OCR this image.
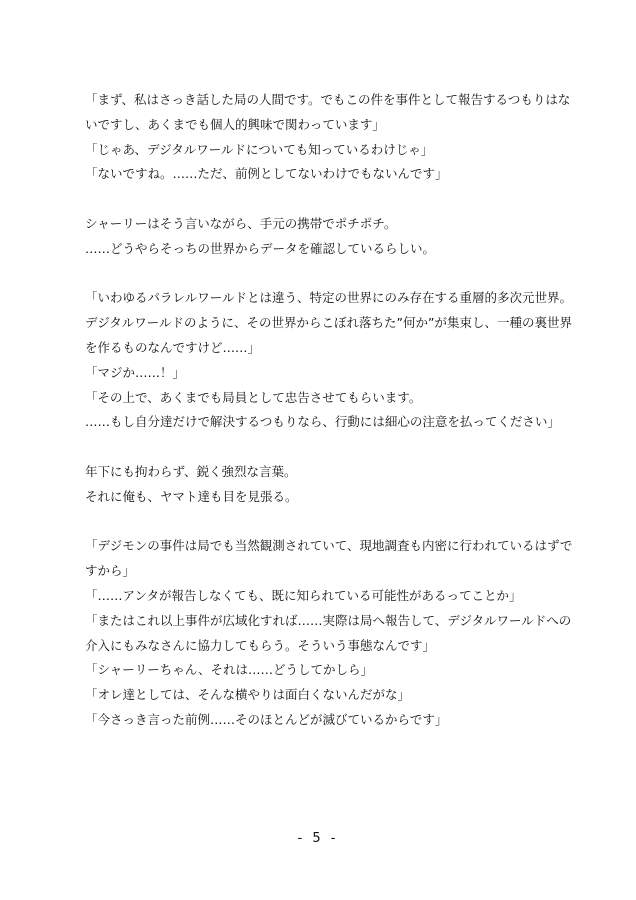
「まず、私はさっき話した局の人間です。でもこの件を事件として報告するつもりはな
いですし、あくまでも個人的興味で関わっています」
「じゃあ、デジタルワールドについても知っているわけじゃ」
「ないですね。……ただ、前例としてないわけでもないんです」
シャーリーはそう言いながら、手元の携帯でポチポチ。
……どうやらそっちの世界からデータを確認しているらしい。
「いわゆるパラレルワールドとは違う、特定の世界にのみ存在する重層的多次元世界。
デジタルワールドのように、その世界からこぼれ落ちた”何か”が集束し、一種の裏世界
を作るものなんですけど……」
「マジか……！」
「その上で、あくまでも局員として忠告させてもらいます。
……もし自分達だけで解決するつもりなら、行動には細心の注意を払ってください」
年下にも拘わらず、鋭く強烈な言葉。
それに俺も、ヤマト達も目を見張る。
「デジモンの事件は局でも当然観測されていて、現地調査も内密に行われているはずで
すから」
「……アンタが報告しなくても、既に知られている可能性があるってことか」
「またはこれ以上事件が広域化すれば……実際は局へ報告して、デジタルワールドへの
介入にもみなさんに協力してもらう。そういう事態なんです」
「シャーリーちゃん、それは……どうしてかしら」
「オレ達としては、そんな横やりは面白くないんだがな」
「今さっき言った前例……そのほとんどが滅びているからです」
- 5 -
